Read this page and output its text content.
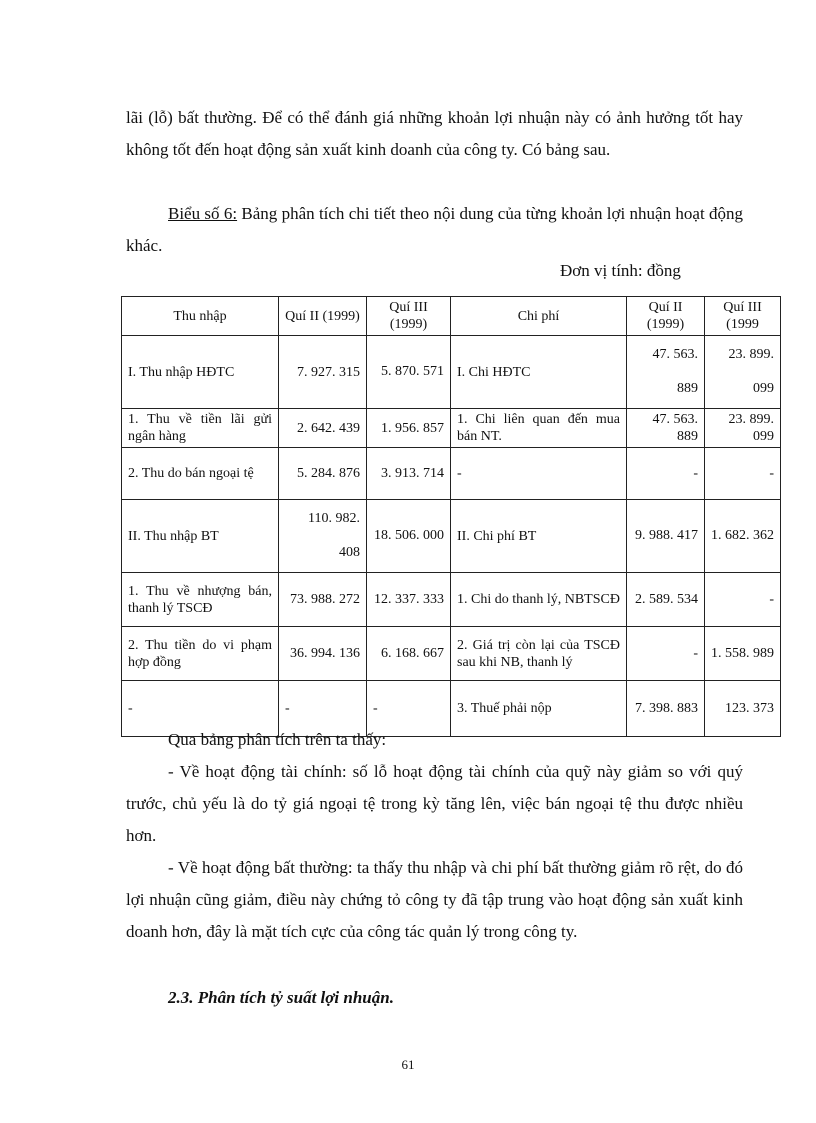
lãi (lỗ) bất thường. Để có thể đánh giá những khoản lợi nhuận này có ảnh hưởng tốt hay không tốt đến hoạt động sản xuất kinh doanh của công ty. Có bảng sau.

Biểu số 6: Bảng phân tích chi tiết theo nội dung của từng khoản lợi nhuận hoạt động khác.

Đơn vị tính: đồng

Thu nhập	Quí II (1999)	Quí III (1999)	Chi phí	Quí II (1999)	Quí III (1999
I. Thu nhập HĐTC	7. 927. 315	5. 870. 571	I. Chi HĐTC	47. 563. 889	23. 899. 099
1. Thu về tiền lãi gửi ngân hàng	2. 642. 439	1. 956. 857	1. Chi liên quan đến mua bán NT.	47. 563. 889	23. 899. 099
2. Thu do bán ngoại tệ	5. 284. 876	3. 913. 714	-	-	-
II. Thu nhập BT	110. 982. 408	18. 506. 000	II. Chi phí BT	9. 988. 417	1. 682. 362
1. Thu về nhượng bán, thanh lý TSCĐ	73. 988. 272	12. 337. 333	1. Chi do thanh lý, NBTSCĐ	2. 589. 534	-
2. Thu tiền do vi phạm hợp đồng	36. 994. 136	6. 168. 667	2. Giá trị còn lại của TSCĐ sau khi NB, thanh lý	-	1. 558. 989
-	-	-	3. Thuế phải nộp	7. 398. 883	123. 373

Qua bảng phân tích trên ta thấy:

- Về hoạt động tài chính: số lỗ hoạt động tài chính của quỹ này giảm so với quý trước, chủ yếu là do tỷ giá ngoại tệ trong kỳ tăng lên, việc bán ngoại tệ thu được nhiều hơn.

- Về hoạt động bất thường: ta thấy thu nhập và chi phí bất thường giảm rõ rệt, do đó lợi nhuận cũng giảm, điều này chứng tỏ công ty đã tập trung vào hoạt động sản xuất kinh doanh hơn, đây là mặt tích cực của công tác quản lý trong công ty.

2.3. Phân tích tỷ suất lợi nhuận.

61
